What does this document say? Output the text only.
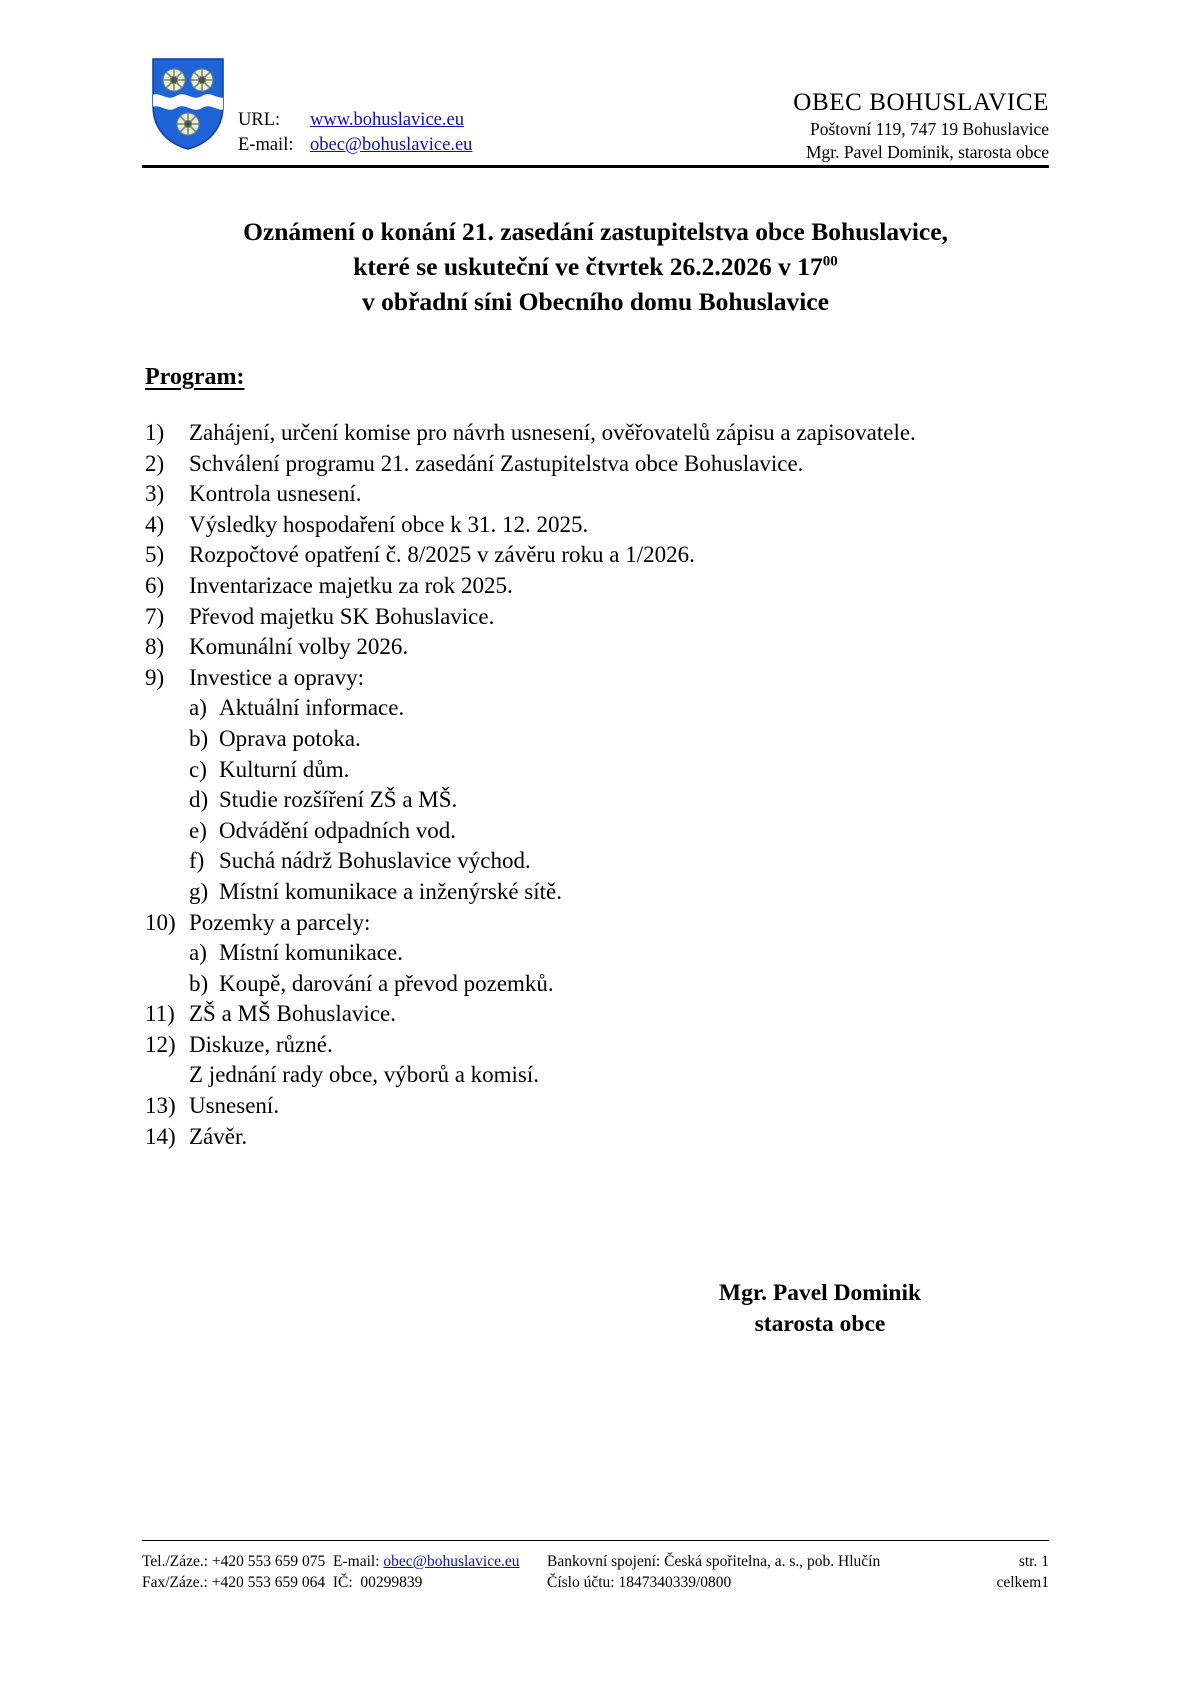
URL: www.bohuslavice.eu
E-mail: obec@bohuslavice.eu
OBEC BOHUSLAVICE
Poštovní 119, 747 19 Bohuslavice
Mgr. Pavel Dominik, starosta obce
Oznámení o konání 21. zasedání zastupitelstva obce Bohuslavice,
které se uskuteční ve čtvrtek 26.2.2026 v $17^{00}$
v obřadní síni Obecního domu Bohuslavice
Program:
1)	Zahájení, určení komise pro návrh usnesení, ověřovatelů zápisu a zapisovatele.
2)	Schválení programu 21. zasedání Zastupitelstva obce Bohuslavice.
3)	Kontrola usnesení.
4)	Výsledky hospodaření obce k 31. 12. 2025.
5)	Rozpočtové opatření č. 8/2025 v závěru roku a 1/2026.
6)	Inventarizace majetku za rok 2025.
7)	Převod majetku SK Bohuslavice.
8)	Komunální volby 2026.
9)	Investice a opravy:
a) Aktuální informace.
b) Oprava potoka.
c) Kulturní dům.
d) Studie rozšíření ZŠ a MŠ.
e) Odvádění odpadních vod.
f) Suchá nádrž Bohuslavice východ.
g) Místní komunikace a inženýrské sítě.
10) Pozemky a parcely:
a) Místní komunikace.
b) Koupě, darování a převod pozemků.
11) ZŠ a MŠ Bohuslavice.
12) Diskuze, různé.
Z jednání rady obce, výborů a komisí.
13) Usnesení.
14) Závěr.
Mgr. Pavel Dominik
starosta obce
Tel./Záze.: +420 553 659 075 E-mail: obec@bohuslavice.eu Bankovní spojení: Česká spořitelna, a. s., pob. Hlučín	str. 1
Fax/Záze.: +420 553 659 064 IČ: 00299839	Číslo účtu: 1847340339/0800	celkem1
